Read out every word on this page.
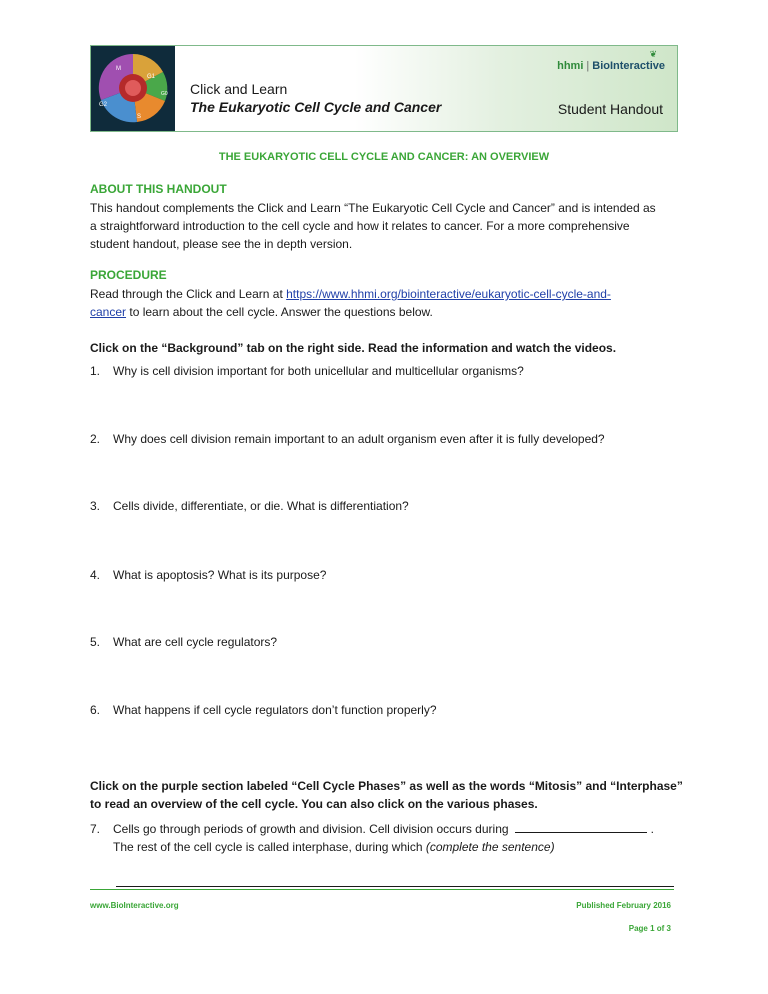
M
G1
G0
G2
S
❦
hhmi | BioInteractive
Click and Learn
The Eukaryotic Cell Cycle and Cancer	Student Handout
THE EUKARYOTIC CELL CYCLE AND CANCER: AN OVERVIEW
ABOUT THIS HANDOUT
This handout complements the Click and Learn “The Eukaryotic Cell Cycle and Cancer” and is intended as
a straightforward introduction to the cell cycle and how it relates to cancer. For a more comprehensive
student handout, please see the in depth version.
PROCEDURE
Read through the Click and Learn at https://www.hhmi.org/biointeractive/eukaryotic-cell-cycle-and-
cancer to learn about the cell cycle. Answer the questions below.
Click on the “Background” tab on the right side. Read the information and watch the videos.
1. Why is cell division important for both unicellular and multicellular organisms?
2. Why does cell division remain important to an adult organism even after it is fully developed?
3. Cells divide, differentiate, or die. What is differentiation?
4. What is apoptosis? What is its purpose?
5. What are cell cycle regulators?
6. What happens if cell cycle regulators don’t function properly?
Click on the purple section labeled “Cell Cycle Phases” as well as the words “Mitosis” and “Interphase”
to read an overview of the cell cycle. You can also click on the various phases.
7. Cells go through periods of growth and division. Cell division occurs during	.
The rest of the cell cycle is called interphase, during which (complete the sentence)
www.BioInteractive.org	Published February 2016
Page 1 of 3
